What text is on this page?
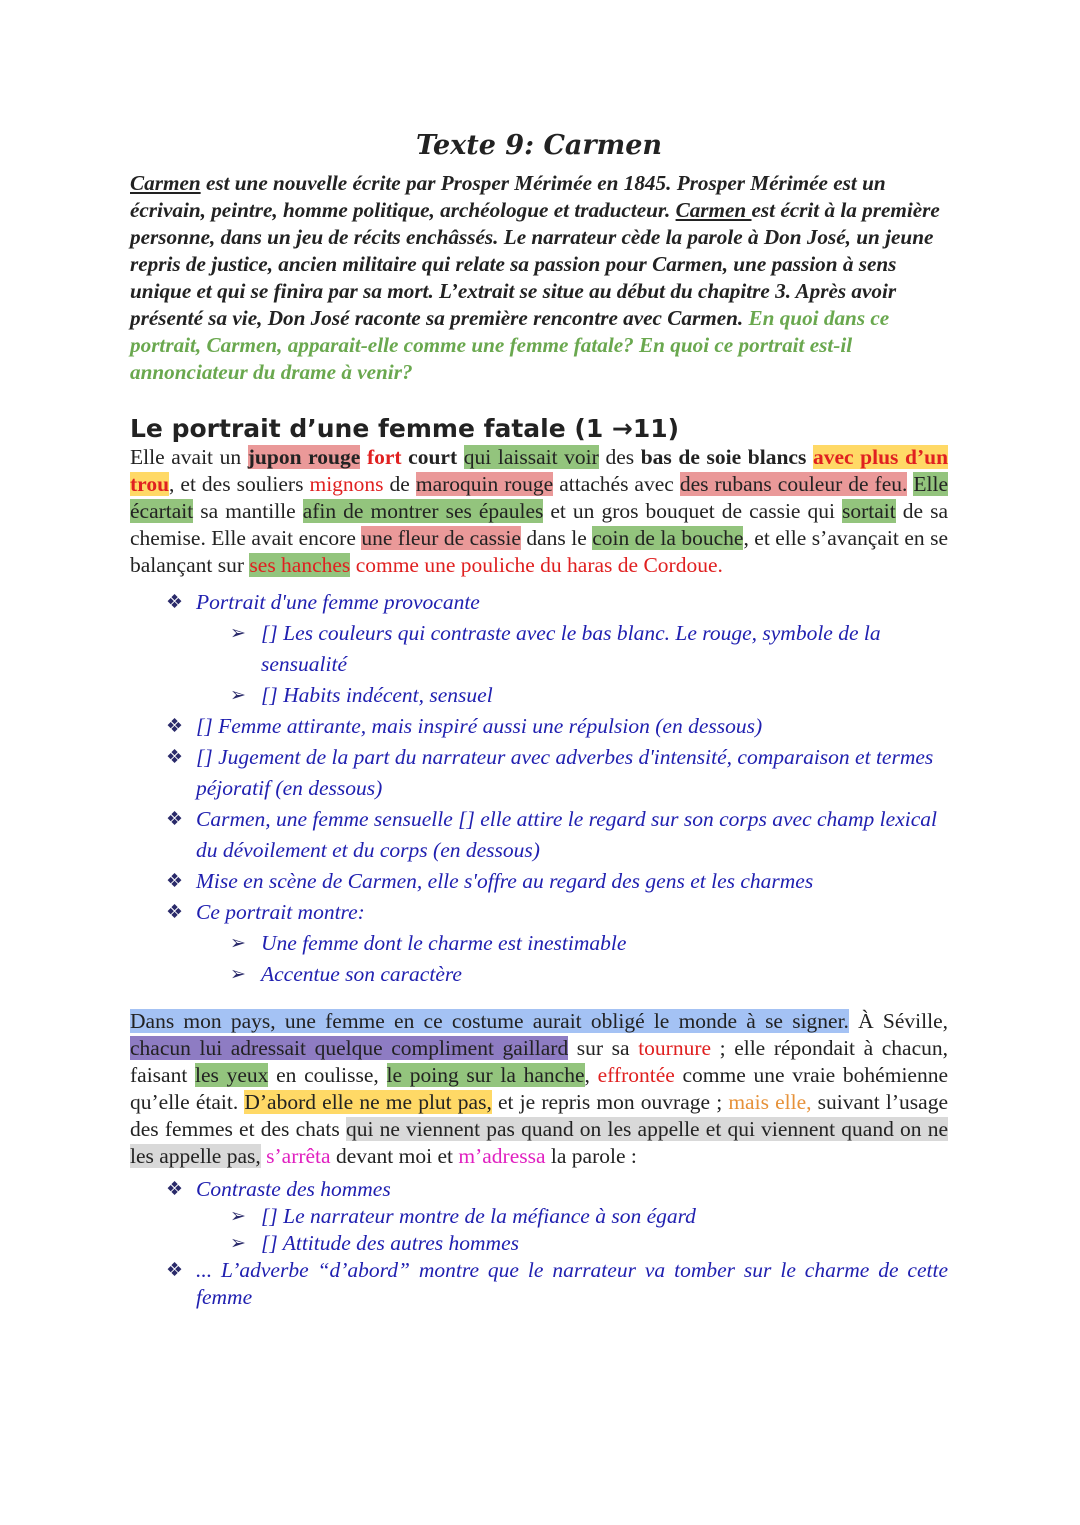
Texte 9: Carmen

Carmen est une nouvelle écrite par Prosper Mérimée en 1845. Prosper Mérimée est un écrivain, peintre, homme politique, archéologue et traducteur. Carmen est écrit à la première personne, dans un jeu de récits enchâssés. Le narrateur cède la parole à Don José, un jeune repris de justice, ancien militaire qui relate sa passion pour Carmen, une passion à sens unique et qui se finira par sa mort. L’extrait se situe au début du chapitre 3. Après avoir présenté sa vie, Don José raconte sa première rencontre avec Carmen. En quoi dans ce portrait, Carmen, apparait-elle comme une femme fatale? En quoi ce portrait est-il annonciateur du drame à venir?

Le portrait d’une femme fatale (1 →11)

Elle avait un jupon rouge fort court qui laissait voir des bas de soie blancs avec plus d’un trou, et des souliers mignons de maroquin rouge attachés avec des rubans couleur de feu. Elle écartait sa mantille afin de montrer ses épaules et un gros bouquet de cassie qui sortait de sa chemise. Elle avait encore une fleur de cassie dans le coin de la bouche, et elle s’avançait en se balançant sur ses hanches comme une pouliche du haras de Cordoue.

❖ Portrait d'une femme provocante
➢ [] Les couleurs qui contraste avec le bas blanc. Le rouge, symbole de la sensualité
➢ [] Habits indécent, sensuel
❖ [] Femme attirante, mais inspiré aussi une répulsion (en dessous)
❖ [] Jugement de la part du narrateur avec adverbes d'intensité, comparaison et termes péjoratif (en dessous)
❖ Carmen, une femme sensuelle [] elle attire le regard sur son corps avec champ lexical du dévoilement et du corps (en dessous)
❖ Mise en scène de Carmen, elle s'offre au regard des gens et les charmes
❖ Ce portrait montre:
➢ Une femme dont le charme est inestimable
➢ Accentue son caractère

Dans mon pays, une femme en ce costume aurait obligé le monde à se signer. À Séville, chacun lui adressait quelque compliment gaillard sur sa tournure ; elle répondait à chacun, faisant les yeux en coulisse, le poing sur la hanche, effrontée comme une vraie bohémienne qu’elle était. D’abord elle ne me plut pas, et je repris mon ouvrage ; mais elle, suivant l’usage des femmes et des chats qui ne viennent pas quand on les appelle et qui viennent quand on ne les appelle pas, s’arrêta devant moi et m’adressa la parole :

❖ Contraste des hommes
➢ [] Le narrateur montre de la méfiance à son égard
➢ [] Attitude des autres hommes
❖ ... L’adverbe “d’abord” montre que le narrateur va tomber sur le charme de cette femme
